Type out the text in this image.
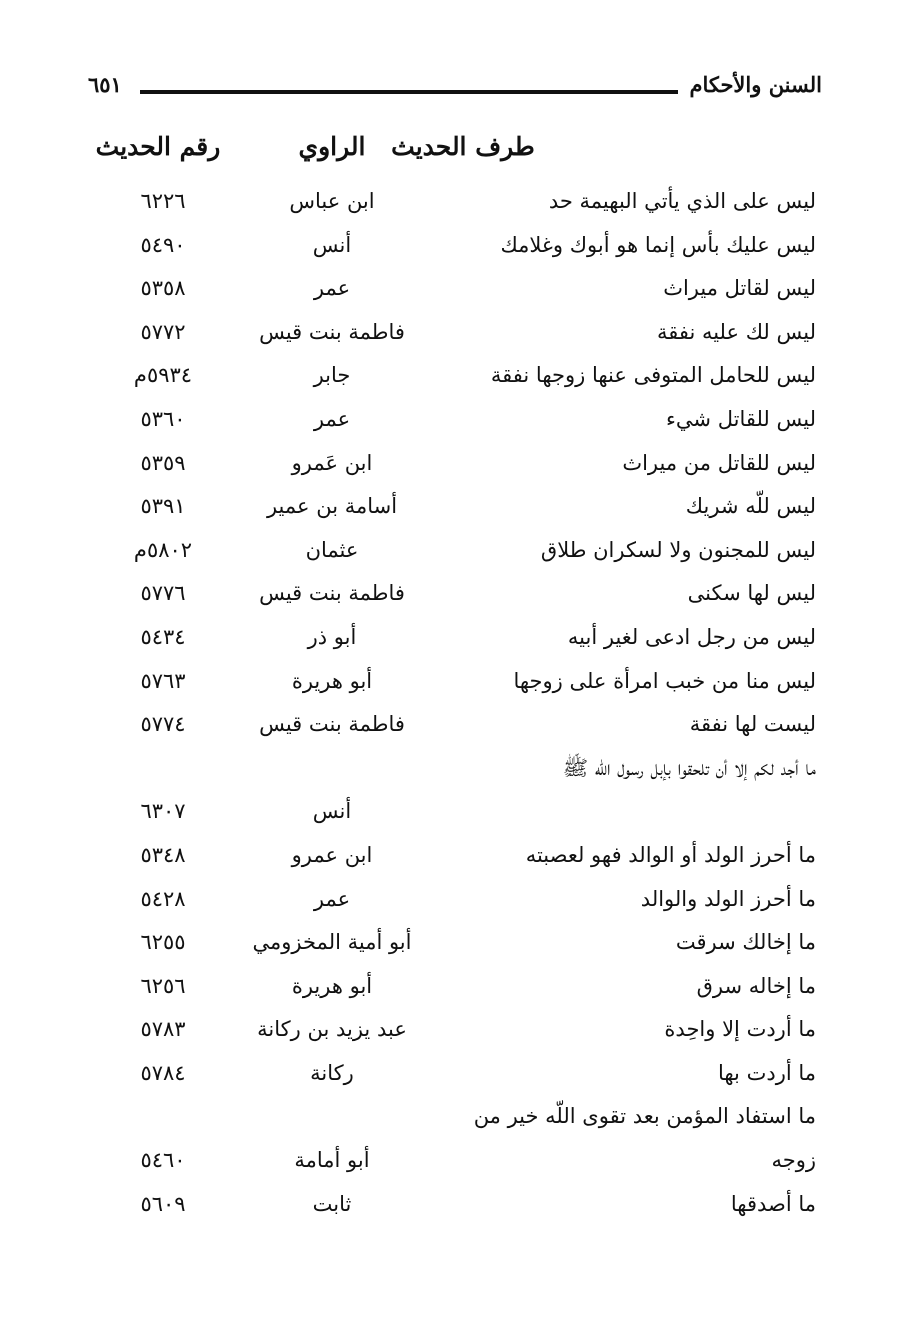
السنن والأحكام
٦٥١
طرف الحديث
الراوي
رقم الحديث
ليس على الذي يأتي البهيمة حد
ابن عباس
٦٢٢٦
ليس عليك بأس إنما هو أبوك وغلامك
أنس
٥٤٩٠
ليس لقاتل ميراث
عمر
٥٣٥٨
ليس لك عليه نفقة
فاطمة بنت قيس
٥٧٧٢
ليس للحامل المتوفى عنها زوجها نفقة
جابر
٥٩٣٤م
ليس للقاتل شيء
عمر
٥٣٦٠
ليس للقاتل من ميراث
ابن عَمرو
٥٣٥٩
ليس للّه شريك
أسامة بن عمير
٥٣٩١
ليس للمجنون ولا لسكران طلاق
عثمان
٥٨٠٢م
ليس لها سكنى
فاطمة بنت قيس
٥٧٧٦
ليس من رجل ادعى لغير أبيه
أبو ذر
٥٤٣٤
ليس منا من خبب امرأة على زوجها
أبو هريرة
٥٧٦٣
ليست لها نفقة
فاطمة بنت قيس
٥٧٧٤
ما أجد لكم إلا أن تلحقوا بإبل رسول اللّه ﷺ
أنس
٦٣٠٧
ما أحرز الولد أو الوالد فهو لعصبته
ابن عمرو
٥٣٤٨
ما أحرز الولد والوالد
عمر
٥٤٢٨
ما إخالك سرقت
أبو أمية المخزومي
٦٢٥٥
ما إخاله سرق
أبو هريرة
٦٢٥٦
ما أردت إلا واحِدة
عبد يزيد بن ركانة
٥٧٨٣
ما أردت بها
ركانة
٥٧٨٤
ما استفاد المؤمن بعد تقوى اللّه خير من زوجه
أبو أمامة
٥٤٦٠
ما أصدقها
ثابت
٥٦٠٩
